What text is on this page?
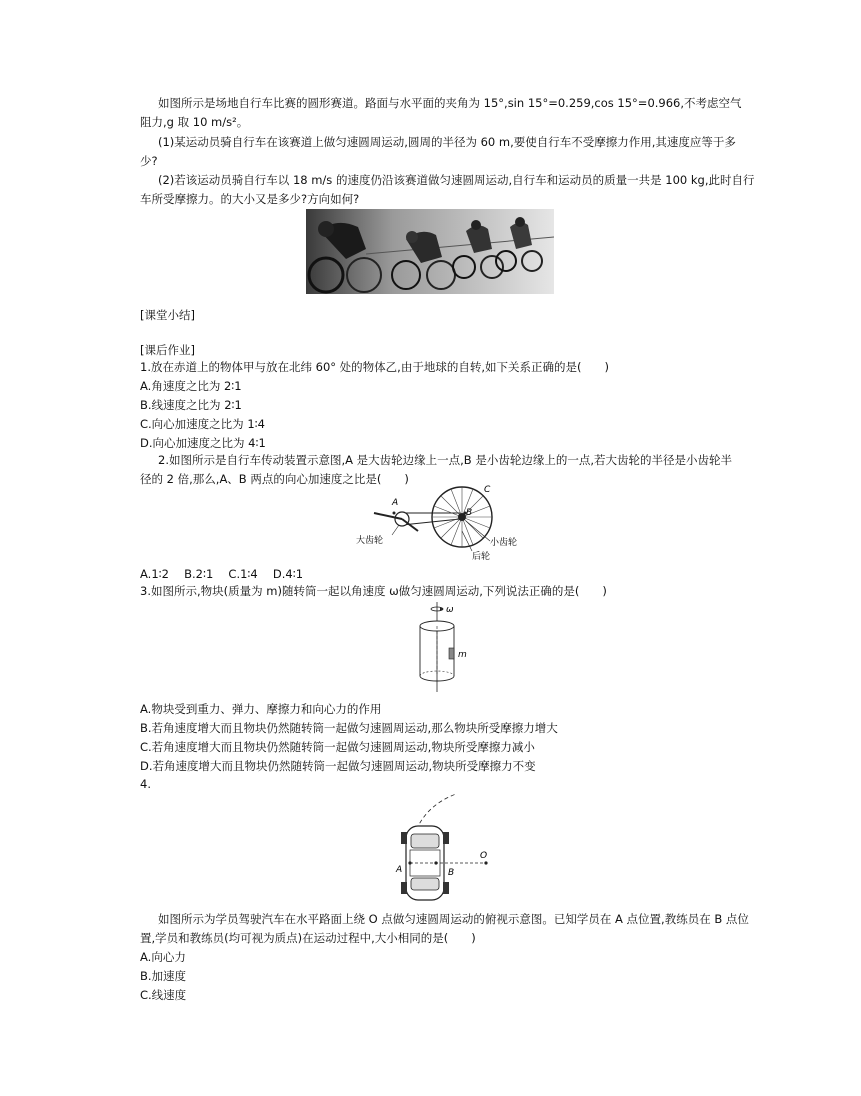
如图所示是场地自行车比赛的圆形赛道。路面与水平面的夹角为 15°,sin 15°=0.259,cos 15°=0.966,不考虑空气
阻力,g 取 10 m/s²。
(1)某运动员骑自行车在该赛道上做匀速圆周运动,圆周的半径为 60 m,要使自行车不受摩擦力作用,其速度应等于多
少?
(2)若该运动员骑自行车以 18 m/s 的速度仍沿该赛道做匀速圆周运动,自行车和运动员的质量一共是 100 kg,此时自行
车所受摩擦力。的大小又是多少?方向如何?
[课堂小结]
[课后作业]
1.放在赤道上的物体甲与放在北纬 60° 处的物体乙,由于地球的自转,如下关系正确的是(　　)
A.角速度之比为 2∶1
B.线速度之比为 2∶1
C.向心加速度之比为 1∶4
D.向心加速度之比为 4∶1
2.如图所示是自行车传动装置示意图,A 是大齿轮边缘上一点,B 是小齿轮边缘上的一点,若大齿轮的半径是小齿轮半
径的 2 倍,那么,A、B 两点的向心加速度之比是(　　)
A
B
C
大齿轮	小齿轮
后轮
A.1∶2　 B.2∶1　 C.1∶4　 D.4∶1
3.如图所示,物块(质量为 m)随转筒一起以角速度 ω做匀速圆周运动,下列说法正确的是(　　)
ω
m
A.物块受到重力、弹力、摩擦力和向心力的作用
B.若角速度增大而且物块仍然随转筒一起做匀速圆周运动,那么物块所受摩擦力增大
C.若角速度增大而且物块仍然随转筒一起做匀速圆周运动,物块所受摩擦力减小
D.若角速度增大而且物块仍然随转筒一起做匀速圆周运动,物块所受摩擦力不变
4.
A	B
O
如图所示为学员驾驶汽车在水平路面上绕 O 点做匀速圆周运动的俯视示意图。已知学员在 A 点位置,教练员在 B 点位
置,学员和教练员(均可视为质点)在运动过程中,大小相同的是(　　)
A.向心力
B.加速度
C.线速度
